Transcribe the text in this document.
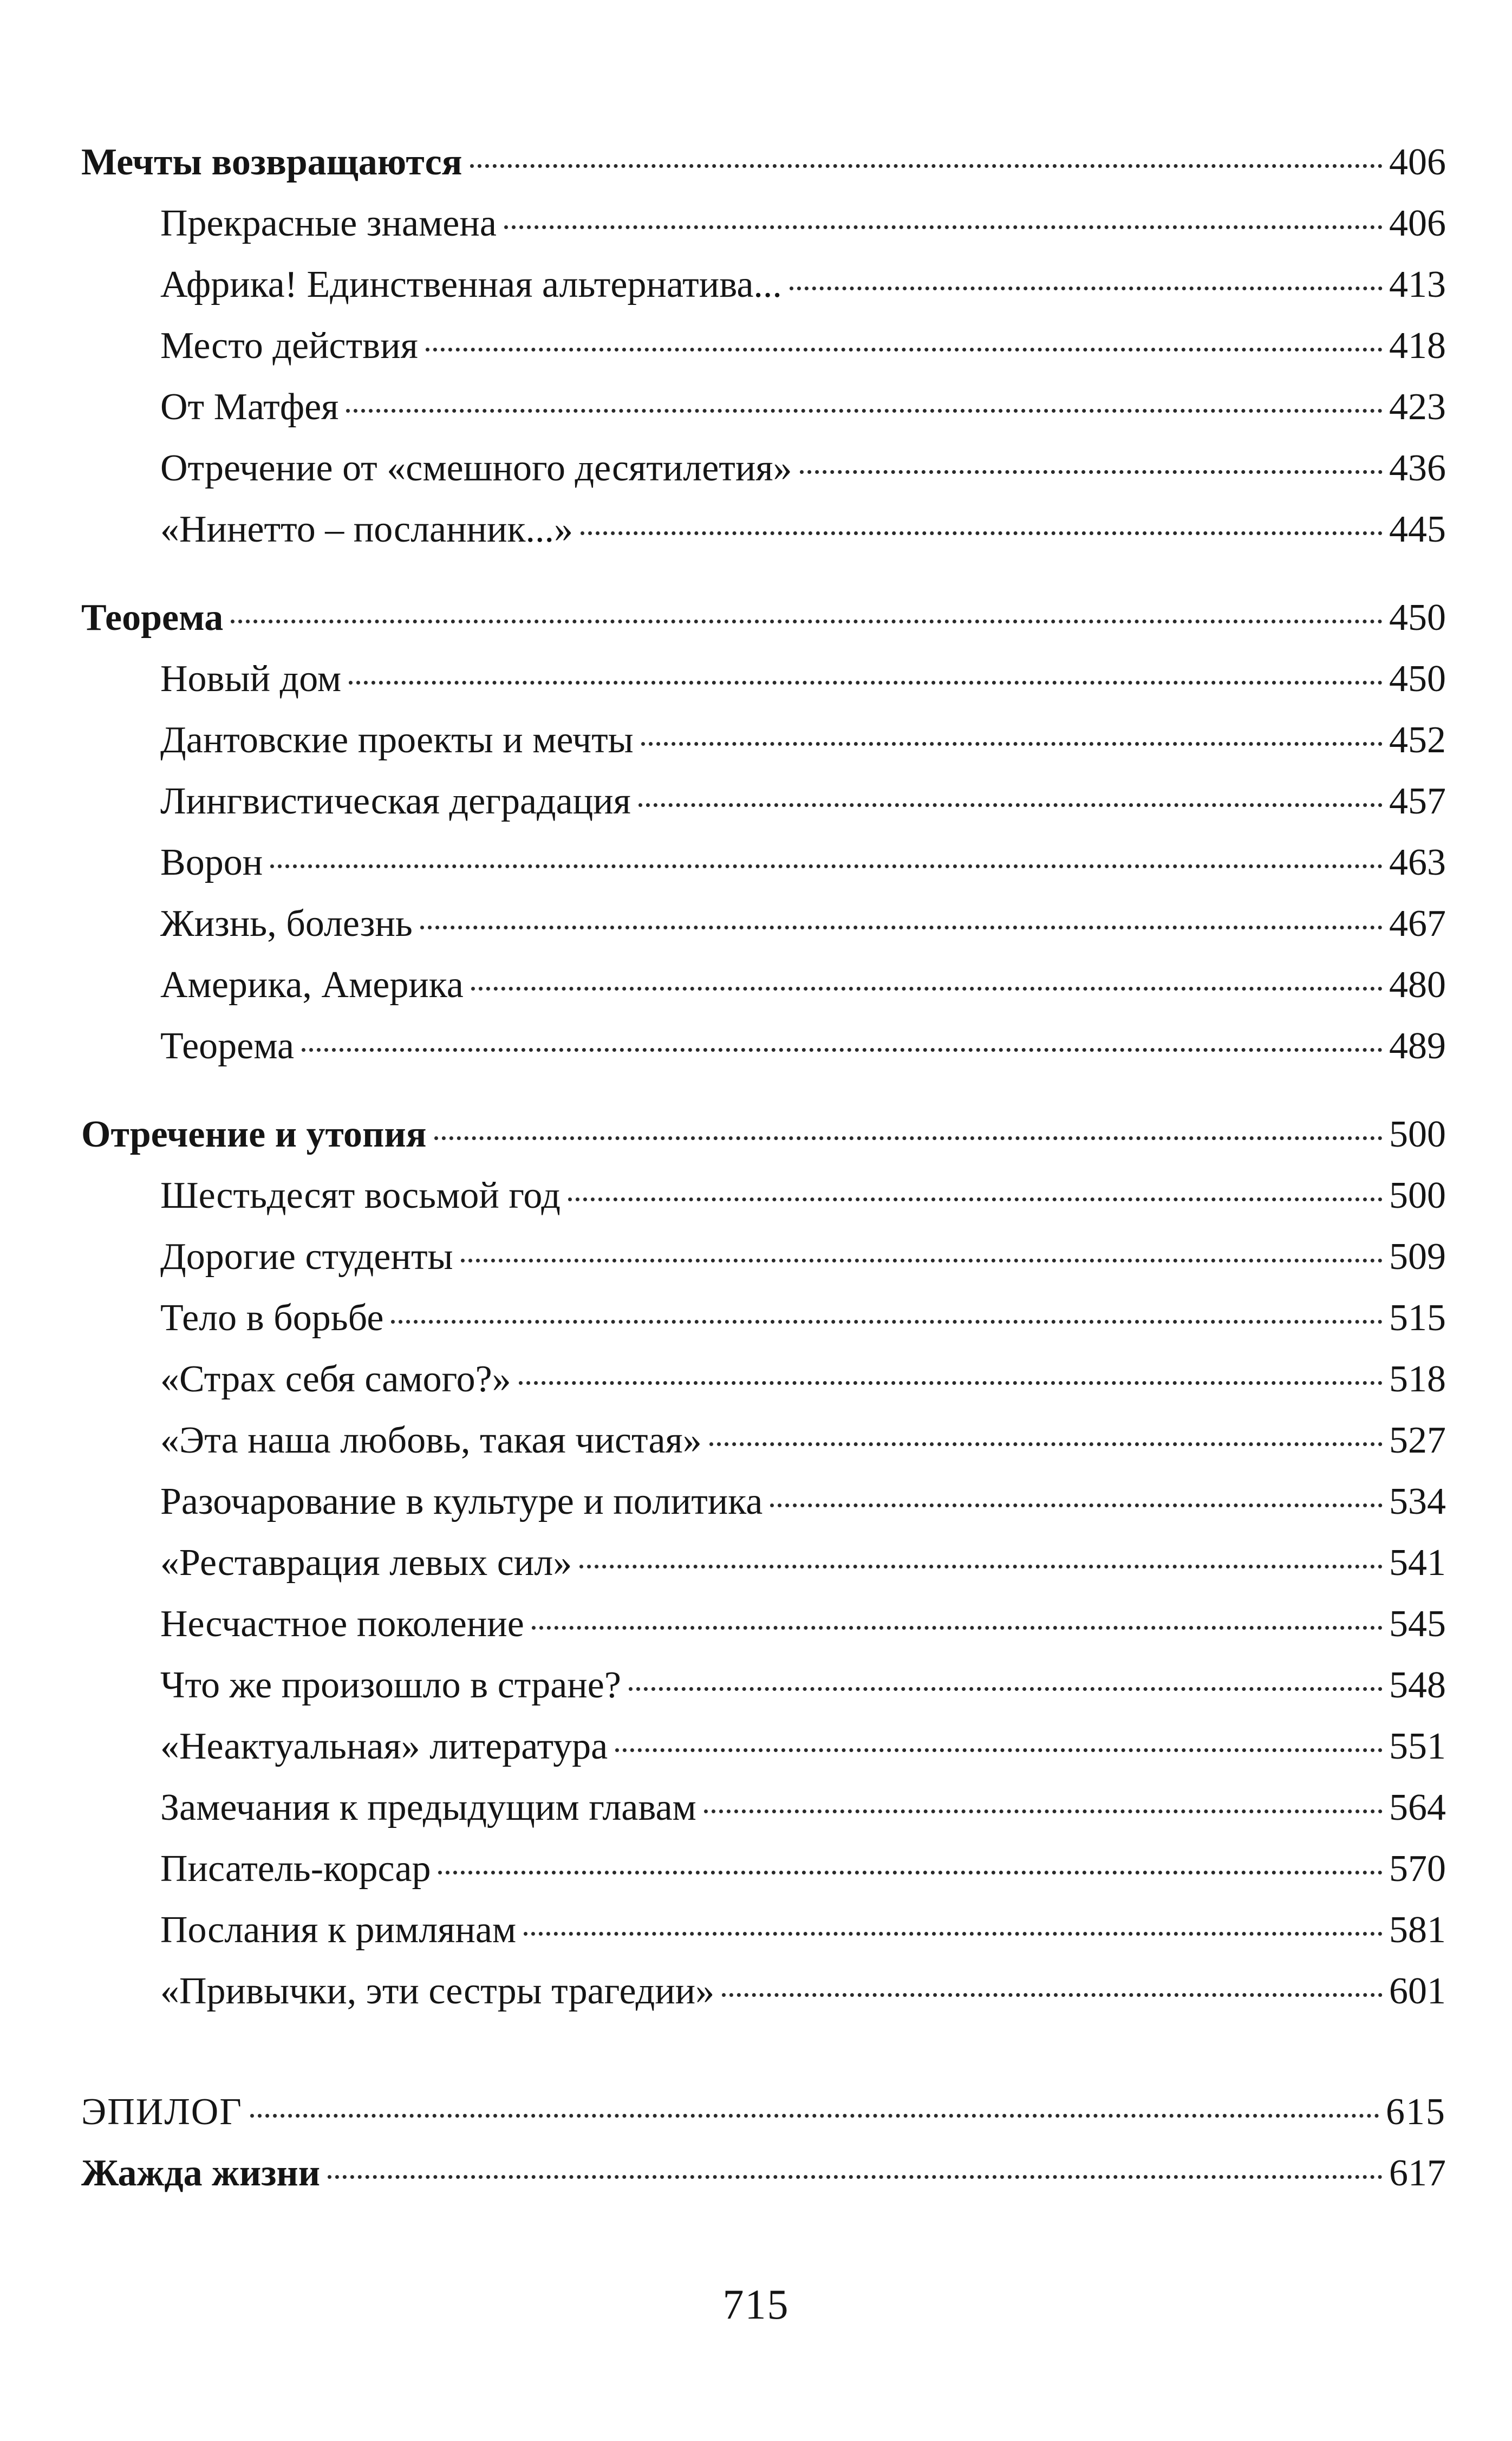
Мечты возвращаются	406
Прекрасные знамена	406
Африка! Единственная альтернатива...	413
Место действия	418
От Матфея	423
Отречение от «смешного десятилетия»	436
«Нинетто – посланник...»	445
Теорема	450
Новый дом	450
Дантовские проекты и мечты	452
Лингвистическая деградация	457
Ворон	463
Жизнь, болезнь	467
Америка, Америка	480
Теорема	489
Отречение и утопия	500
Шестьдесят восьмой год	500
Дорогие студенты	509
Тело в борьбе	515
«Страх себя самого?»	518
«Эта наша любовь, такая чистая»	527
Разочарование в культуре и политика	534
«Реставрация левых сил»	541
Несчастное поколение	545
Что же произошло в стране?	548
«Неактуальная» литература	551
Замечания к предыдущим главам	564
Писатель-корсар	570
Послания к римлянам	581
«Привычки, эти сестры трагедии»	601
ЭПИЛОГ	615
Жажда жизни	617
715
